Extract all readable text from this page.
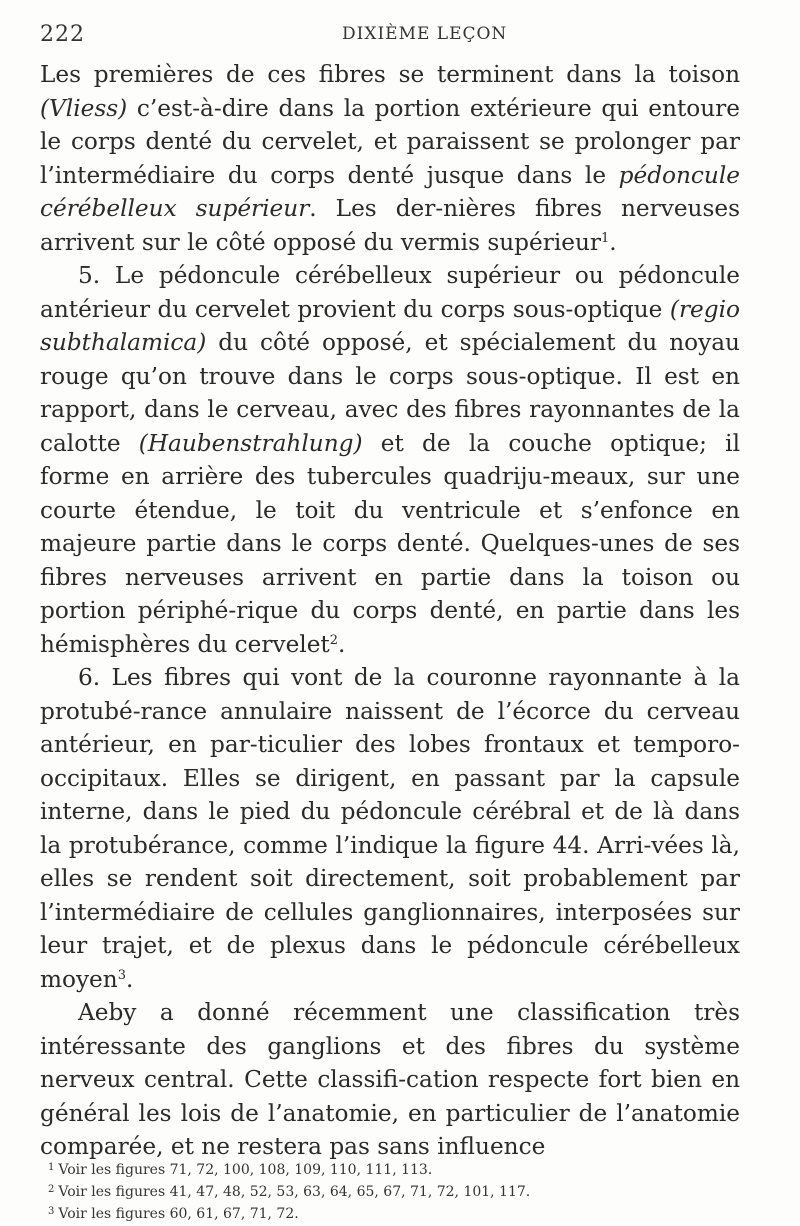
222	DIXIÈME LEÇON

Les premières de ces fibres se terminent dans la toison (Vliess) c’est-à-dire dans la portion extérieure qui entoure le corps denté du cervelet, et paraissent se prolonger par l’intermédiaire du corps denté jusque dans le pédoncule cérébelleux supérieur. Les der-nières fibres nerveuses arrivent sur le côté opposé du vermis supérieur$^1$.

5. Le pédoncule cérébelleux supérieur ou pédoncule antérieur du cervelet provient du corps sous-optique (regio subthalamica) du côté opposé, et spécialement du noyau rouge qu’on trouve dans le corps sous-optique. Il est en rapport, dans le cerveau, avec des fibres rayonnantes de la calotte (Haubenstrahlung) et de la couche optique; il forme en arrière des tubercules quadriju-meaux, sur une courte étendue, le toit du ventricule et s’enfonce en majeure partie dans le corps denté. Quelques-unes de ses fibres nerveuses arrivent en partie dans la toison ou portion périphé-rique du corps denté, en partie dans les hémisphères du cervelet$^2$.

6. Les fibres qui vont de la couronne rayonnante à la protubé-rance annulaire naissent de l’écorce du cerveau antérieur, en par-ticulier des lobes frontaux et temporo-occipitaux. Elles se dirigent, en passant par la capsule interne, dans le pied du pédoncule cérébral et de là dans la protubérance, comme l’indique la figure 44. Arri-vées là, elles se rendent soit directement, soit probablement par l’intermédiaire de cellules ganglionnaires, interposées sur leur trajet, et de plexus dans le pédoncule cérébelleux moyen$^3$.

Aeby a donné récemment une classification très intéressante des ganglions et des fibres du système nerveux central. Cette classifi-cation respecte fort bien en général les lois de l’anatomie, en particulier de l’anatomie comparée, et ne restera pas sans influence

$^1$ Voir les figures 71, 72, 100, 108, 109, 110, 111, 113.
$^2$ Voir les figures 41, 47, 48, 52, 53, 63, 64, 65, 67, 71, 72, 101, 117.
$^3$ Voir les figures 60, 61, 67, 71, 72.
